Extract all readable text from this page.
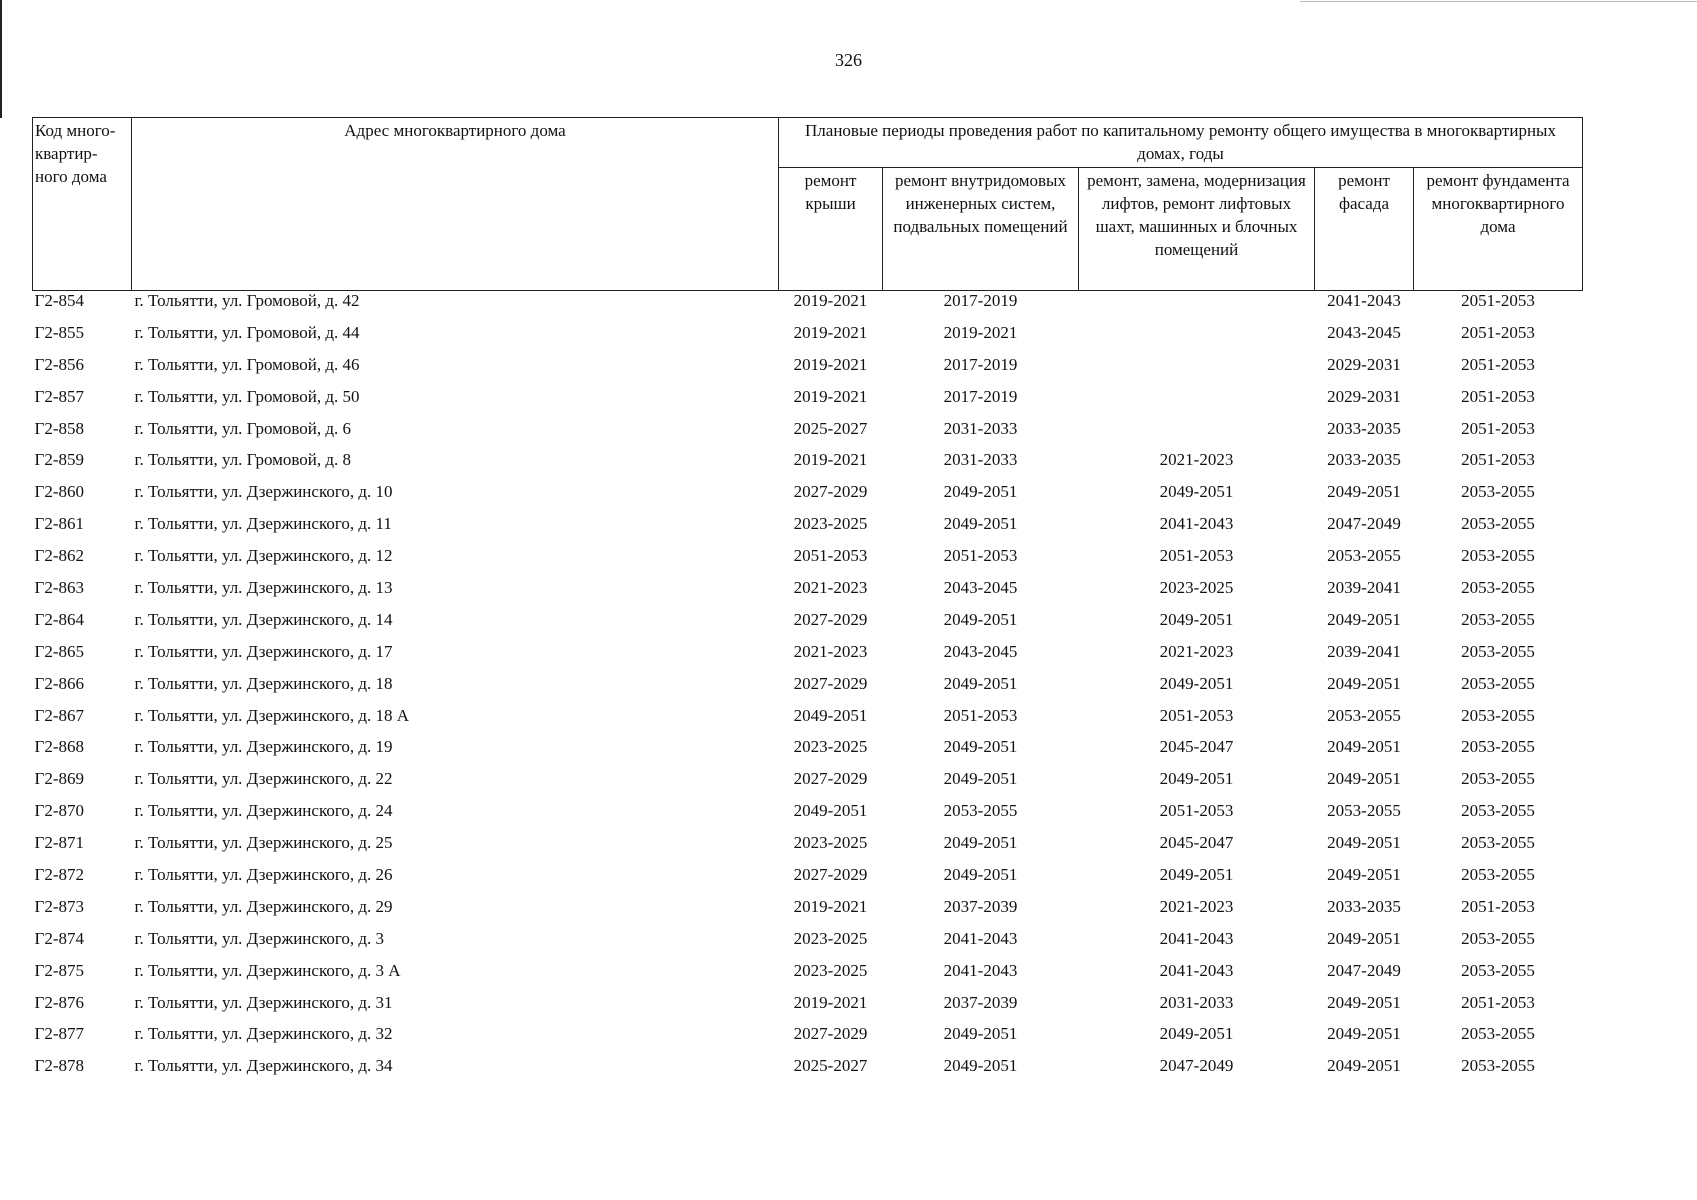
326
Код много-квартир-ного дома	Адрес многоквартирного дома	Плановые периоды проведения работ по капитальному ремонту общего имущества в многоквартирных домах, годы				
		ремонт крыши	ремонт внутридомовых инженерных систем, подвальных помещений	ремонт, замена, модернизация лифтов, ремонт лифтовых шахт, машинных и блочных помещений	ремонт фасада	ремонт фундамента многоквартирного дома
Г2-854	г. Тольятти, ул. Громовой, д. 42	2019-2021	2017-2019		2041-2043	2051-2053
Г2-855	г. Тольятти, ул. Громовой, д. 44	2019-2021	2019-2021		2043-2045	2051-2053
Г2-856	г. Тольятти, ул. Громовой, д. 46	2019-2021	2017-2019		2029-2031	2051-2053
Г2-857	г. Тольятти, ул. Громовой, д. 50	2019-2021	2017-2019		2029-2031	2051-2053
Г2-858	г. Тольятти, ул. Громовой, д. 6	2025-2027	2031-2033		2033-2035	2051-2053
Г2-859	г. Тольятти, ул. Громовой, д. 8	2019-2021	2031-2033	2021-2023	2033-2035	2051-2053
Г2-860	г. Тольятти, ул. Дзержинского, д. 10	2027-2029	2049-2051	2049-2051	2049-2051	2053-2055
Г2-861	г. Тольятти, ул. Дзержинского, д. 11	2023-2025	2049-2051	2041-2043	2047-2049	2053-2055
Г2-862	г. Тольятти, ул. Дзержинского, д. 12	2051-2053	2051-2053	2051-2053	2053-2055	2053-2055
Г2-863	г. Тольятти, ул. Дзержинского, д. 13	2021-2023	2043-2045	2023-2025	2039-2041	2053-2055
Г2-864	г. Тольятти, ул. Дзержинского, д. 14	2027-2029	2049-2051	2049-2051	2049-2051	2053-2055
Г2-865	г. Тольятти, ул. Дзержинского, д. 17	2021-2023	2043-2045	2021-2023	2039-2041	2053-2055
Г2-866	г. Тольятти, ул. Дзержинского, д. 18	2027-2029	2049-2051	2049-2051	2049-2051	2053-2055
Г2-867	г. Тольятти, ул. Дзержинского, д. 18 А	2049-2051	2051-2053	2051-2053	2053-2055	2053-2055
Г2-868	г. Тольятти, ул. Дзержинского, д. 19	2023-2025	2049-2051	2045-2047	2049-2051	2053-2055
Г2-869	г. Тольятти, ул. Дзержинского, д. 22	2027-2029	2049-2051	2049-2051	2049-2051	2053-2055
Г2-870	г. Тольятти, ул. Дзержинского, д. 24	2049-2051	2053-2055	2051-2053	2053-2055	2053-2055
Г2-871	г. Тольятти, ул. Дзержинского, д. 25	2023-2025	2049-2051	2045-2047	2049-2051	2053-2055
Г2-872	г. Тольятти, ул. Дзержинского, д. 26	2027-2029	2049-2051	2049-2051	2049-2051	2053-2055
Г2-873	г. Тольятти, ул. Дзержинского, д. 29	2019-2021	2037-2039	2021-2023	2033-2035	2051-2053
Г2-874	г. Тольятти, ул. Дзержинского, д. 3	2023-2025	2041-2043	2041-2043	2049-2051	2053-2055
Г2-875	г. Тольятти, ул. Дзержинского, д. 3 А	2023-2025	2041-2043	2041-2043	2047-2049	2053-2055
Г2-876	г. Тольятти, ул. Дзержинского, д. 31	2019-2021	2037-2039	2031-2033	2049-2051	2051-2053
Г2-877	г. Тольятти, ул. Дзержинского, д. 32	2027-2029	2049-2051	2049-2051	2049-2051	2053-2055
Г2-878	г. Тольятти, ул. Дзержинского, д. 34	2025-2027	2049-2051	2047-2049	2049-2051	2053-2055
